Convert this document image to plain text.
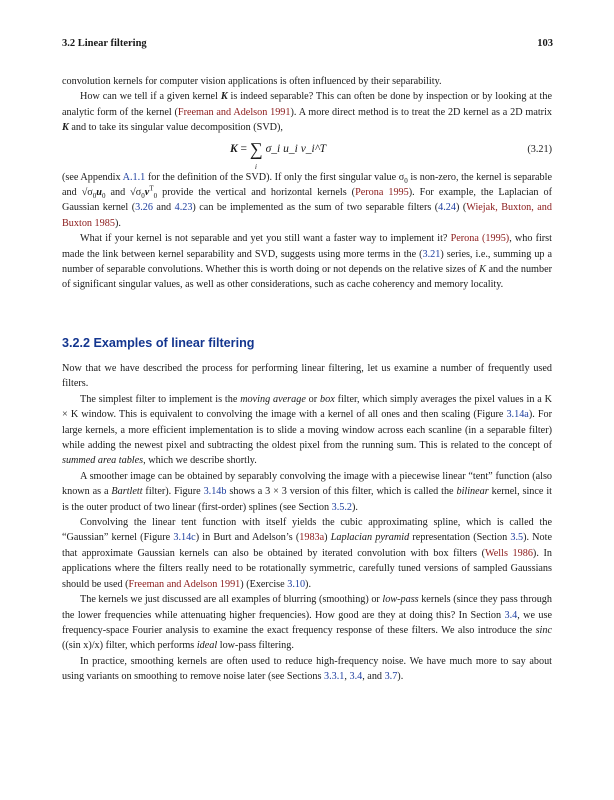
3.2 Linear filtering	103

convolution kernels for computer vision applications is often influenced by their separability.

How can we tell if a given kernel K is indeed separable? This can often be done by inspection or by looking at the analytic form of the kernel (Freeman and Adelson 1991). A more direct method is to treat the 2D kernel as a 2D matrix K and to take its singular value decomposition (SVD),

K = ∑
i
σ_i u_i v_i^T	(3.21)

(see Appendix A.1.1 for the definition of the SVD). If only the first singular value $\sigma_0$ is non-zero, the kernel is separable and $√\sigma_0u_0$ and $√\sigma_0v^T_0$ provide the vertical and horizontal kernels (Perona 1995). For example, the Laplacian of Gaussian kernel (3.26 and 4.23) can be implemented as the sum of two separable filters (4.24) (Wiejak, Buxton, and Buxton 1985).

What if your kernel is not separable and yet you still want a faster way to implement it? Perona (1995), who first made the link between kernel separability and SVD, suggests using more terms in the (3.21) series, i.e., summing up a number of separable convolutions. Whether this is worth doing or not depends on the relative sizes of K and the number of significant singular values, as well as other considerations, such as cache coherency and memory locality.

3.2.2 Examples of linear filtering

Now that we have described the process for performing linear filtering, let us examine a number of frequently used filters.

The simplest filter to implement is the moving average or box filter, which simply averages the pixel values in a K × K window. This is equivalent to convolving the image with a kernel of all ones and then scaling (Figure 3.14a). For large kernels, a more efficient implementation is to slide a moving window across each scanline (in a separable filter) while adding the newest pixel and subtracting the oldest pixel from the running sum. This is related to the concept of summed area tables, which we describe shortly.

A smoother image can be obtained by separably convolving the image with a piecewise linear “tent” function (also known as a Bartlett filter). Figure 3.14b shows a 3 × 3 version of this filter, which is called the bilinear kernel, since it is the outer product of two linear (first-order) splines (see Section 3.5.2).

Convolving the linear tent function with itself yields the cubic approximating spline, which is called the “Gaussian” kernel (Figure 3.14c) in Burt and Adelson’s (1983a) Laplacian pyramid representation (Section 3.5). Note that approximate Gaussian kernels can also be obtained by iterated convolution with box filters (Wells 1986). In applications where the filters really need to be rotationally symmetric, carefully tuned versions of sampled Gaussians should be used (Freeman and Adelson 1991) (Exercise 3.10).

The kernels we just discussed are all examples of blurring (smoothing) or low-pass kernels (since they pass through the lower frequencies while attenuating higher frequencies). How good are they at doing this? In Section 3.4, we use frequency-space Fourier analysis to examine the exact frequency response of these filters. We also introduce the sinc ((sin x)/x) filter, which performs ideal low-pass filtering.

In practice, smoothing kernels are often used to reduce high-frequency noise. We have much more to say about using variants on smoothing to remove noise later (see Sections 3.3.1, 3.4, and 3.7).
